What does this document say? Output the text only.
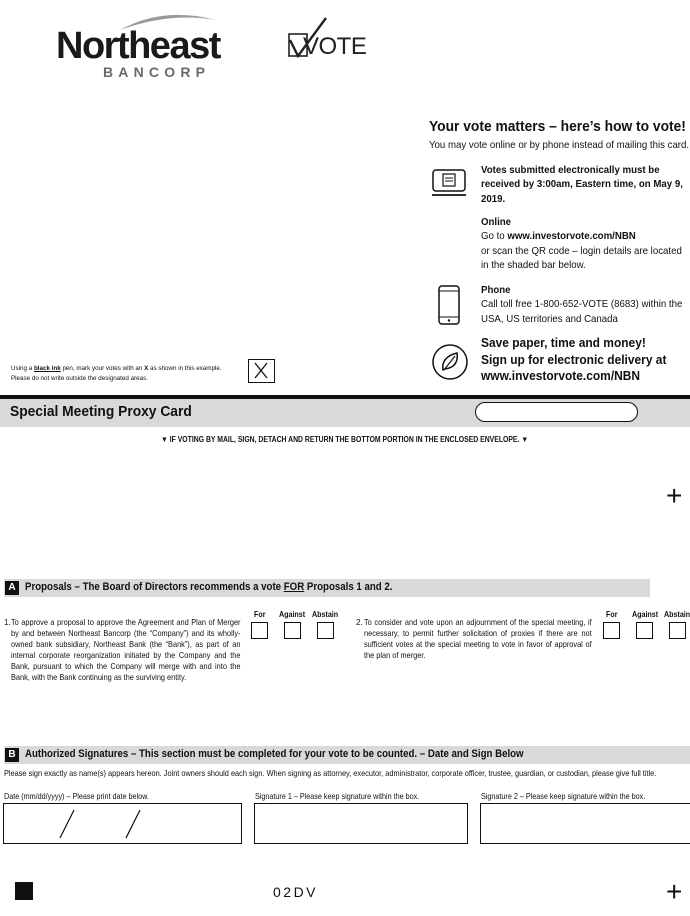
Northeast
BANCORP
VOTE
Your vote matters – here’s how to vote!
You may vote online or by phone instead of mailing this card.
Votes submitted electronically must be received by 3:00am, Eastern time, on May 9, 2019.
Online
Go to www.investorvote.com/NBN
or scan the QR code – login details are located in the shaded bar below.
Phone
Call toll free 1-800-652-VOTE (8683) within the USA, US territories and Canada
Save paper, time and money!
Sign up for electronic delivery at
www.investorvote.com/NBN
Using a black ink pen, mark your votes with an X as shown in this example.
Please do not write outside the designated areas.
Special Meeting Proxy Card
▼ IF VOTING BY MAIL, SIGN, DETACH AND RETURN THE BOTTOM PORTION IN THE ENCLOSED ENVELOPE. ▼
+
A Proposals – The Board of Directors recommends a vote FOR Proposals 1 and 2.
1. To approve a proposal to approve the Agreement and Plan of Merger by and between Northeast Bancorp (the “Company”) and its wholly-owned bank subsidiary, Northeast Bank (the “Bank”), as part of an internal corporate reorganization initiated by the Company and the Bank, pursuant to which the Company will merge with and into the Bank, with the Bank continuing as the surviving entity.
For Against Abstain
2. To consider and vote upon an adjournment of the special meeting, if necessary, to permit further solicitation of proxies if there are not sufficient votes at the special meeting to vote in favor of approval of the plan of merger.
For Against Abstain
B Authorized Signatures – This section must be completed for your vote to be counted. – Date and Sign Below
Please sign exactly as name(s) appears hereon. Joint owners should each sign. When signing as attorney, executor, administrator, corporate officer, trustee, guardian, or custodian, please give full title.
Date (mm/dd/yyyy) – Please print date below.	Signature 1 – Please keep signature within the box.	Signature 2 – Please keep signature within the box.
02DV	+
